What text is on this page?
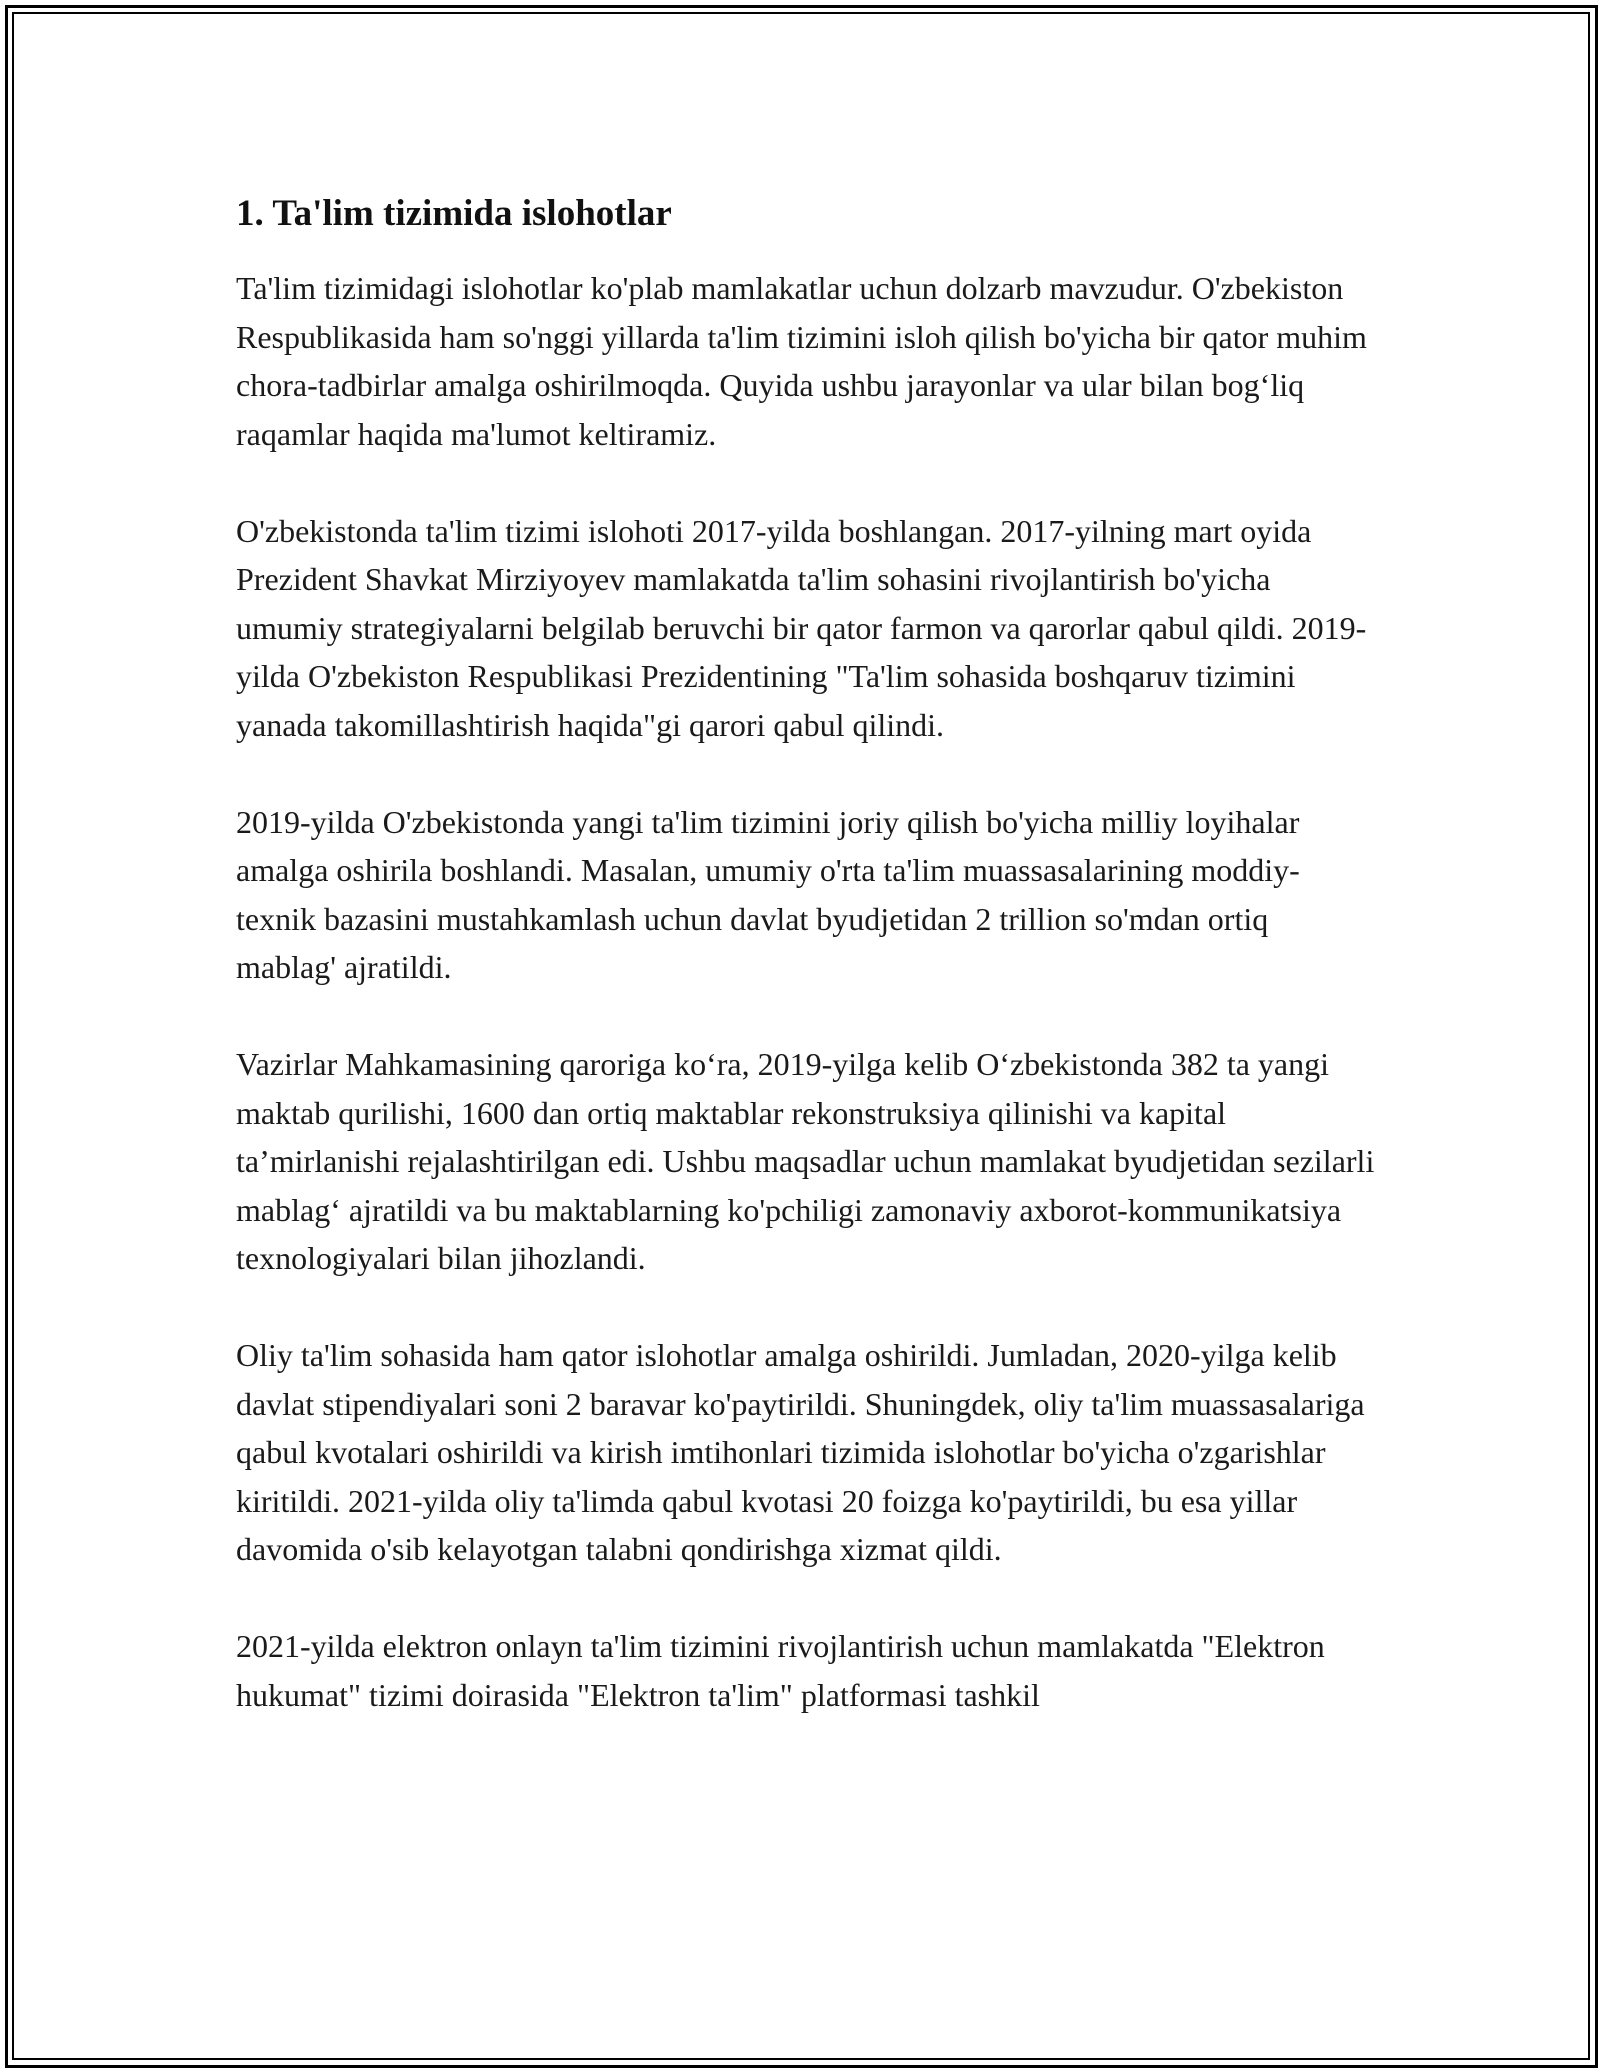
1. Ta'lim tizimida islohotlar

Ta'lim tizimidagi islohotlar ko'plab mamlakatlar uchun dolzarb mavzudur. O'zbekiston Respublikasida ham so'nggi yillarda ta'lim tizimini isloh qilish bo'yicha bir qator muhim chora-tadbirlar amalga oshirilmoqda. Quyida ushbu jarayonlar va ular bilan bog‘liq raqamlar haqida ma'lumot keltiramiz.

O'zbekistonda ta'lim tizimi islohoti 2017-yilda boshlangan. 2017-yilning mart oyida Prezident Shavkat Mirziyoyev mamlakatda ta'lim sohasini rivojlantirish bo'yicha umumiy strategiyalarni belgilab beruvchi bir qator farmon va qarorlar qabul qildi. 2019-yilda O'zbekiston Respublikasi Prezidentining "Ta'lim sohasida boshqaruv tizimini yanada takomillashtirish haqida"gi qarori qabul qilindi.

2019-yilda O'zbekistonda yangi ta'lim tizimini joriy qilish bo'yicha milliy loyihalar amalga oshirila boshlandi. Masalan, umumiy o'rta ta'lim muassasalarining moddiy-texnik bazasini mustahkamlash uchun davlat byudjetidan 2 trillion so'mdan ortiq mablag' ajratildi.

Vazirlar Mahkamasining qaroriga ko‘ra, 2019-yilga kelib O‘zbekistonda 382 ta yangi maktab qurilishi, 1600 dan ortiq maktablar rekonstruksiya qilinishi va kapital ta’mirlanishi rejalashtirilgan edi. Ushbu maqsadlar uchun mamlakat byudjetidan sezilarli mablag‘ ajratildi va bu maktablarning ko'pchiligi zamonaviy axborot-kommunikatsiya texnologiyalari bilan jihozlandi.

Oliy ta'lim sohasida ham qator islohotlar amalga oshirildi. Jumladan, 2020-yilga kelib davlat stipendiyalari soni 2 baravar ko'paytirildi. Shuningdek, oliy ta'lim muassasalariga qabul kvotalari oshirildi va kirish imtihonlari tizimida islohotlar bo'yicha o'zgarishlar kiritildi. 2021-yilda oliy ta'limda qabul kvotasi 20 foizga ko'paytirildi, bu esa yillar davomida o'sib kelayotgan talabni qondirishga xizmat qildi.

2021-yilda elektron onlayn ta'lim tizimini rivojlantirish uchun mamlakatda "Elektron hukumat" tizimi doirasida "Elektron ta'lim" platformasi tashkil
